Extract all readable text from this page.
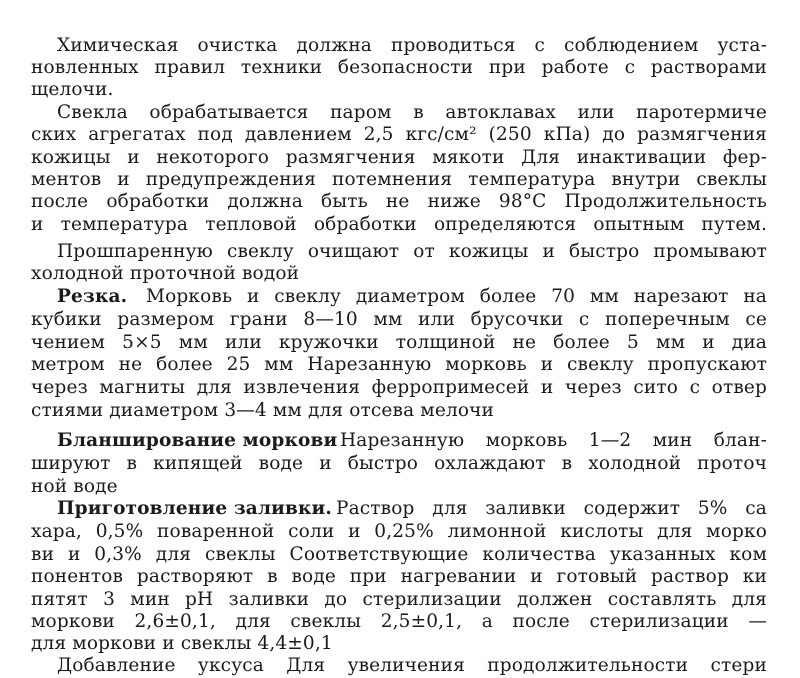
Химическая очистка должна проводиться с соблюдением уста-
новленных правил техники безопасности при работе с растворами
щелочи.
Свекла обрабатывается паром в автоклавах или паротермиче
ских агрегатах под давлением 2,5 кгс/см² (250 кПа) до размягчения
кожицы и некоторого размягчения мякоти Для инактивации фер-
ментов и предупреждения потемнения температура внутри свеклы
после обработки должна быть не ниже 98°С Продолжительность
и температура тепловой обработки определяются опытным путем.
Прошпаренную свеклу очищают от кожицы и быстро промывают
холодной проточной водой
Резка. Морковь и свеклу диаметром более 70 мм нарезают на
кубики размером грани 8—10 мм или брусочки с поперечным се
чением 5×5 мм или кружочки толщиной не более 5 мм и диа
метром не более 25 мм Нарезанную морковь и свеклу пропускают
через магниты для извлечения ферропримесей и через сито с отвер
стиями диаметром 3—4 мм для отсева мелочи
Бланширование моркови Нарезанную морковь 1—2 мин блан-
шируют в кипящей воде и быстро охлаждают в холодной проточ
ной воде
Приготовление заливки. Раствор для заливки содержит 5% са
хара, 0,5% поваренной соли и 0,25% лимонной кислоты для морко
ви и 0,3% для свеклы Соответствующие количества указанных ком
понентов растворяют в воде при нагревании и готовый раствор ки
пятят 3 мин pH заливки до стерилизации должен составлять для
моркови 2,6±0,1, для свеклы 2,5±0,1, а после стерилизации —
для моркови и свеклы 4,4±0,1
Добавление уксуса Для увеличения продолжительности стери
